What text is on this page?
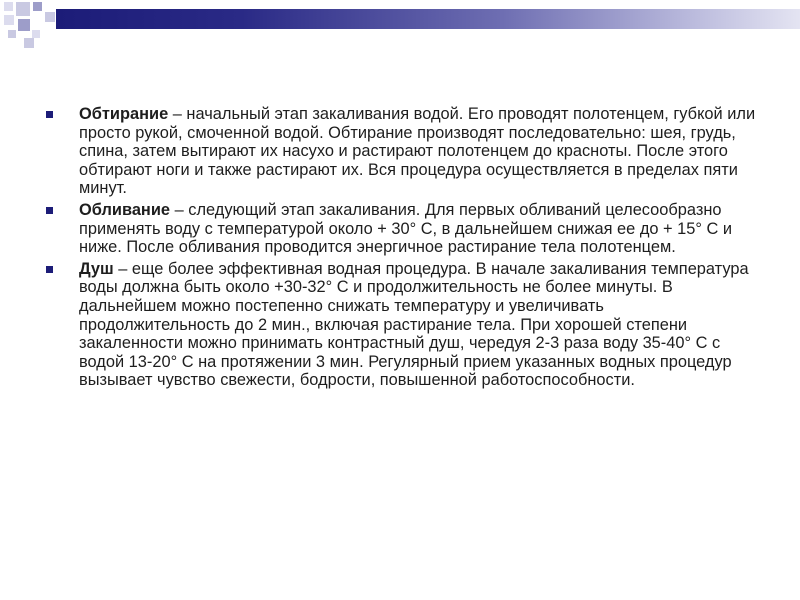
Обтирание – начальный этап закаливания водой. Его проводят полотенцем, губкой или просто рукой, смоченной водой. Обтирание производят последовательно: шея, грудь, спина, затем вытирают их насухо и растирают полотенцем до красноты. После этого обтирают ноги и также растирают их. Вся процедура осуществляется в пределах пяти минут.
Обливание – следующий этап закаливания. Для первых обливаний целесообразно применять воду с температурой около + 30° С, в дальнейшем снижая ее до + 15° С и ниже. После обливания проводится энергичное растирание тела полотенцем.
Душ – еще более эффективная водная процедура. В начале закаливания температура воды должна быть около +30-32° С и продолжительность не более минуты. В дальнейшем можно постепенно снижать температуру и увеличивать продолжительность до 2 мин., включая растирание тела. При хорошей степени закаленности можно принимать контрастный душ, чередуя 2-3 раза воду 35-40° С с водой 13-20° С на протяжении 3 мин. Регулярный прием указанных водных процедур вызывает чувство свежести, бодрости, повышенной работоспособности.
